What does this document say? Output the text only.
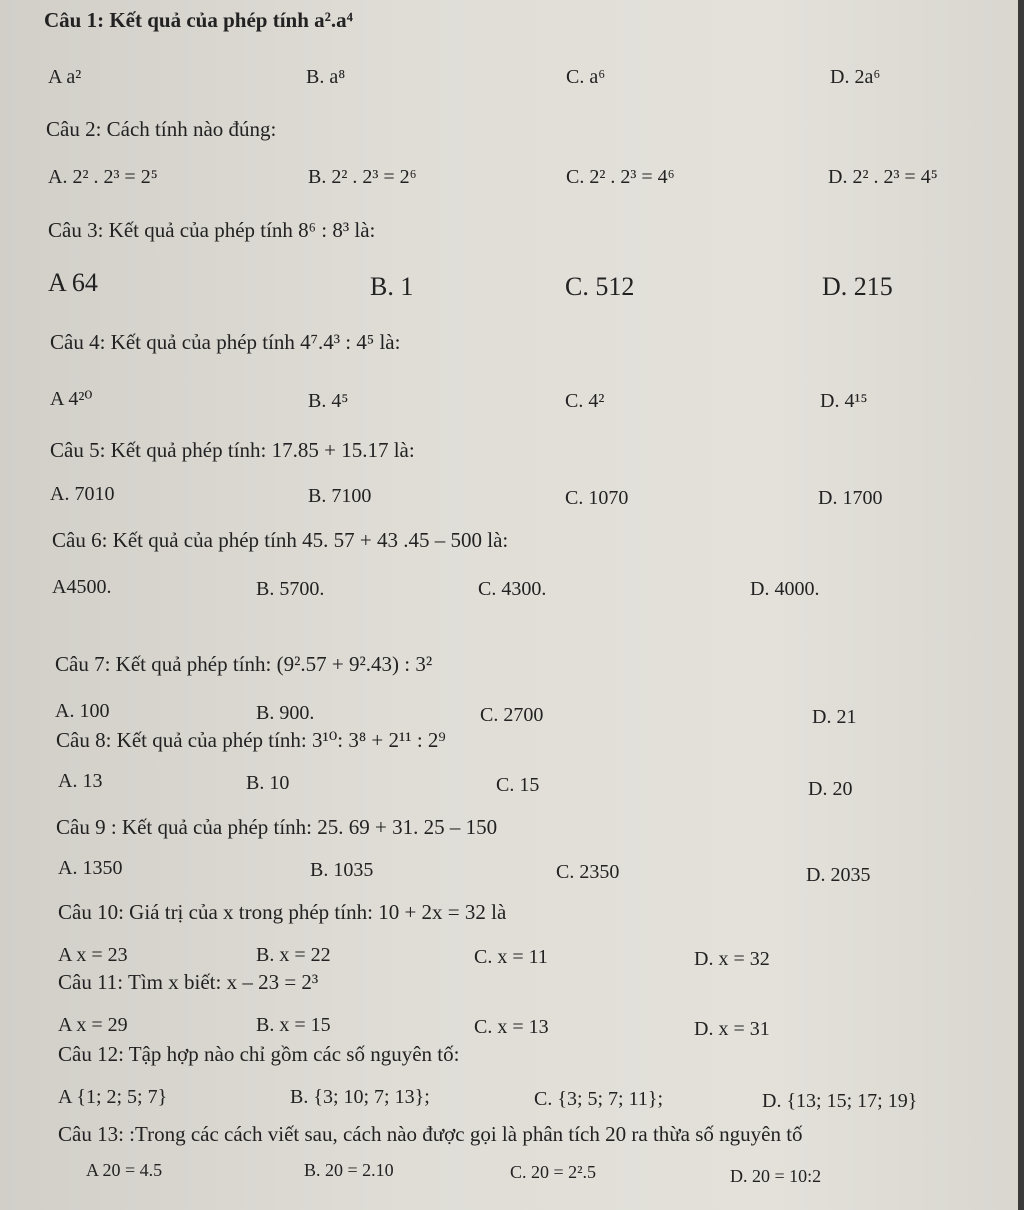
Câu 1: Kết quả của phép tính a².a⁴
A a²	B. a⁸	C. a⁶	D. 2a⁶
Câu 2: Cách tính nào đúng:
A. 2² . 2³ = 2⁵	B. 2² . 2³ = 2⁶	C. 2² . 2³ = 4⁶	D. 2² . 2³ = 4⁵
Câu 3: Kết quả của phép tính 8⁶ : 8³ là:
A 64	B. 1	C. 512	D. 215
Câu 4: Kết quả của phép tính 4⁷.4³ : 4⁵ là:
A 4²⁰	B. 4⁵	C. 4²	D. 4¹⁵
Câu 5: Kết quả phép tính: 17.85 + 15.17 là:
A. 7010	B. 7100	C. 1070	D. 1700
Câu 6: Kết quả của phép tính 45. 57 + 43 .45 – 500 là:
A4500.	B. 5700.	C. 4300.	D. 4000.
Câu 7: Kết quả phép tính: (9².57 + 9².43) : 3²
A. 100	B. 900.	C. 2700	D. 21
Câu 8: Kết quả của phép tính: 3¹⁰: 3⁸ + 2¹¹ : 2⁹
A. 13	B. 10	C. 15	D. 20
Câu 9 : Kết quả của phép tính: 25. 69 + 31. 25 – 150
A. 1350	B. 1035	C. 2350	D. 2035
Câu 10: Giá trị của x trong phép tính: 10 + 2x = 32 là
A x = 23	B. x = 22	C. x = 11	D. x = 32
Câu 11: Tìm x biết: x – 23 = 2³
A x = 29	B. x = 15	C. x = 13	D. x = 31
Câu 12: Tập hợp nào chỉ gồm các số nguyên tố:
A {1; 2; 5; 7}	B. {3; 10; 7; 13};	C. {3; 5; 7; 11};	D. {13; 15; 17; 19}
Câu 13: :Trong các cách viết sau, cách nào được gọi là phân tích 20 ra thừa số nguyên tố
A 20 = 4.5	B. 20 = 2.10	C. 20 = 2².5	D. 20 = 10:2
